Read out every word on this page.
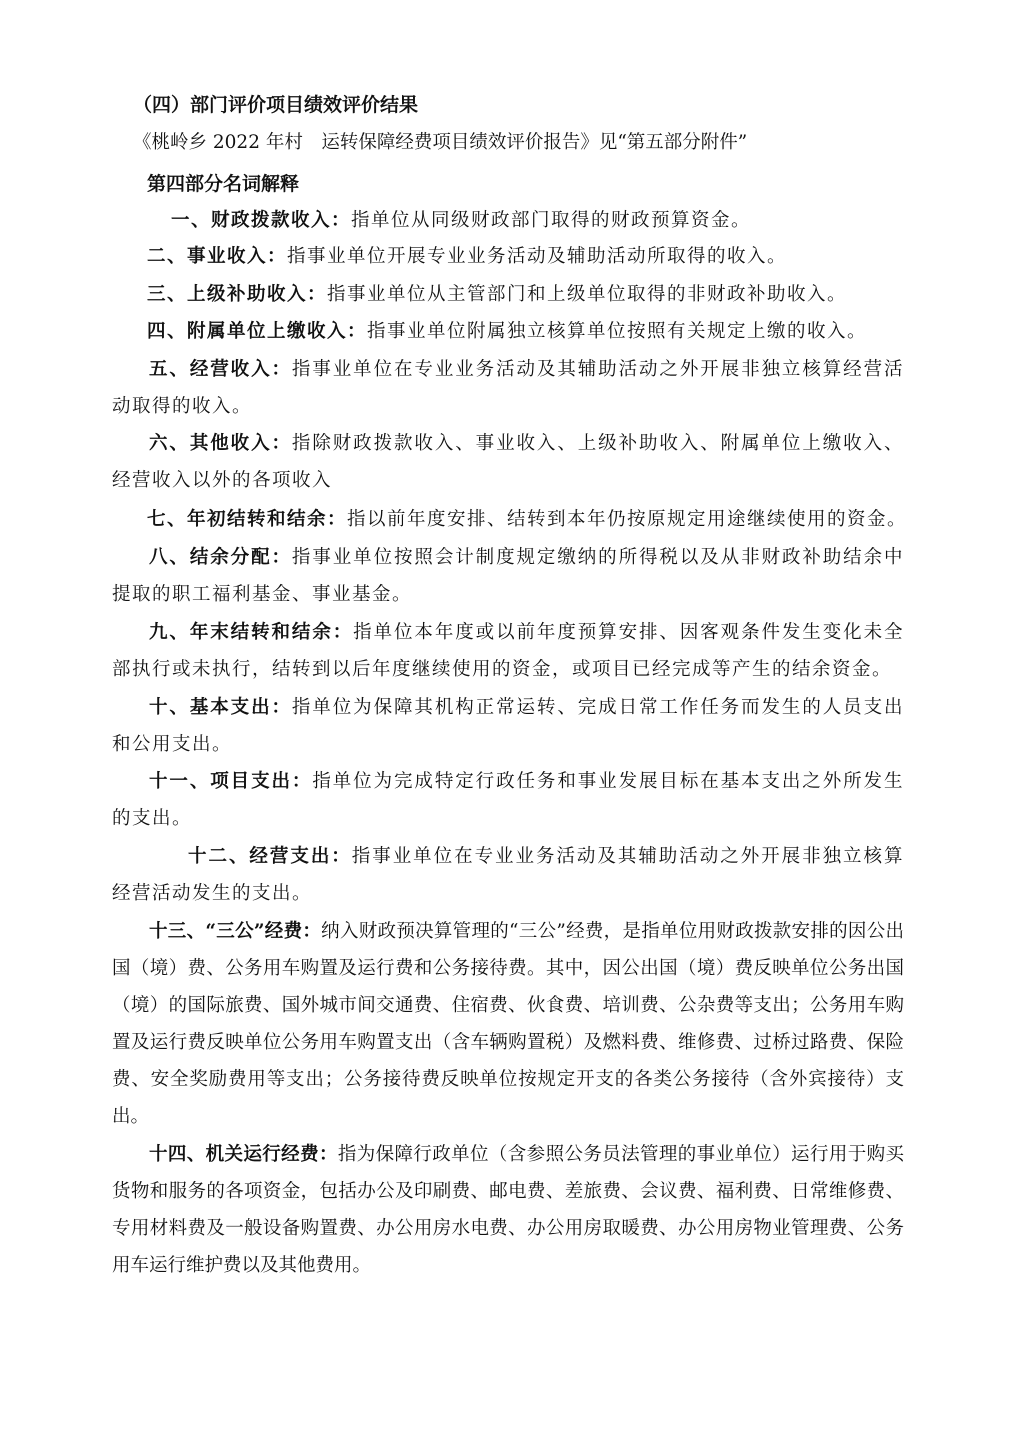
（四）部门评价项目绩效评价结果
《桃岭乡 2022 年村　运转保障经费项目绩效评价报告》见“第五部分附件”
第四部分名词解释
一、财政拨款收入：指单位从同级财政部门取得的财政预算资金。
二、事业收入：指事业单位开展专业业务活动及辅助活动所取得的收入。
三、上级补助收入：指事业单位从主管部门和上级单位取得的非财政补助收入。
四、附属单位上缴收入：指事业单位附属独立核算单位按照有关规定上缴的收入。
五、经营收入：指事业单位在专业业务活动及其辅助活动之外开展非独立核算经营活动取得的收入。
六、其他收入：指除财政拨款收入、事业收入、上级补助收入、附属单位上缴收入、经营收入以外的各项收入
七、年初结转和结余：指以前年度安排、结转到本年仍按原规定用途继续使用的资金。
八、结余分配：指事业单位按照会计制度规定缴纳的所得税以及从非财政补助结余中提取的职工福利基金、事业基金。
九、年末结转和结余：指单位本年度或以前年度预算安排、因客观条件发生变化未全部执行或未执行，结转到以后年度继续使用的资金，或项目已经完成等产生的结余资金。
十、基本支出：指单位为保障其机构正常运转、完成日常工作任务而发生的人员支出和公用支出。
十一、项目支出：指单位为完成特定行政任务和事业发展目标在基本支出之外所发生的支出。
十二、经营支出：指事业单位在专业业务活动及其辅助活动之外开展非独立核算经营活动发生的支出。
十三、“三公”经费：纳入财政预决算管理的“三公”经费，是指单位用财政拨款安排的因公出国（境）费、公务用车购置及运行费和公务接待费。其中，因公出国（境）费反映单位公务出国（境）的国际旅费、国外城市间交通费、住宿费、伙食费、培训费、公杂费等支出；公务用车购置及运行费反映单位公务用车购置支出（含车辆购置税）及燃料费、维修费、过桥过路费、保险费、安全奖励费用等支出；公务接待费反映单位按规定开支的各类公务接待（含外宾接待）支出。
十四、机关运行经费：指为保障行政单位（含参照公务员法管理的事业单位）运行用于购买货物和服务的各项资金，包括办公及印刷费、邮电费、差旅费、会议费、福利费、日常维修费、专用材料费及一般设备购置费、办公用房水电费、办公用房取暖费、办公用房物业管理费、公务用车运行维护费以及其他费用。
